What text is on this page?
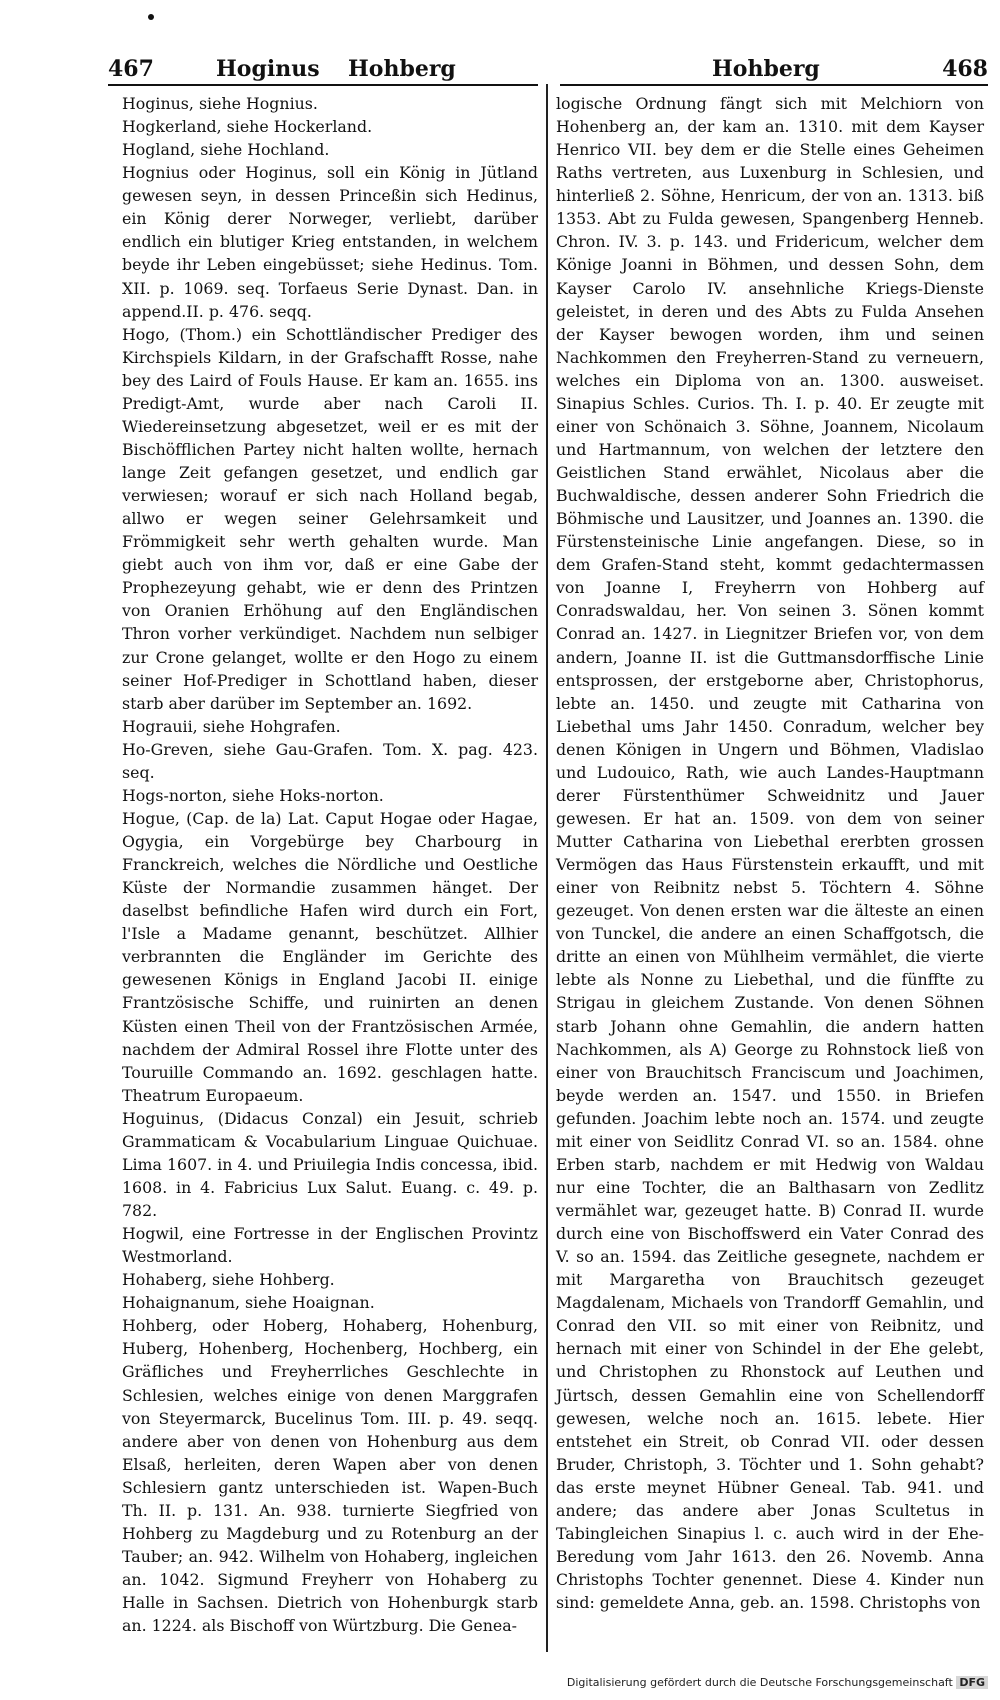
467	Hoginus Hohberg	Hohberg	468

Hoginus, siehe Hognius.

Hogkerland, siehe Hockerland.

Hogland, siehe Hochland.

Hognius oder Hoginus, soll ein König in Jütland gewesen seyn, in dessen Princeßin sich Hedinus, ein König derer Norweger, verliebt, darüber endlich ein blutiger Krieg entstanden, in welchem beyde ihr Leben eingebüsset; siehe Hedinus. Tom. XII. p. 1069. seq. Torfaeus Serie Dynast. Dan. in append.II. p. 476. seqq.

Hogo, (Thom.) ein Schottländischer Prediger des Kirchspiels Kildarn, in der Grafschafft Rosse, nahe bey des Laird of Fouls Hause. Er kam an. 1655. ins Predigt-Amt, wurde aber nach Caroli II. Wiedereinsetzung abgesetzet, weil er es mit der Bischöfflichen Partey nicht halten wollte, hernach lange Zeit gefangen gesetzet, und endlich gar verwiesen; worauf er sich nach Holland begab, allwo er wegen seiner Gelehrsamkeit und Frömmigkeit sehr werth gehalten wurde. Man giebt auch von ihm vor, daß er eine Gabe der Prophezeyung gehabt, wie er denn des Printzen von Oranien Erhöhung auf den Engländischen Thron vorher verkündiget. Nachdem nun selbiger zur Crone gelanget, wollte er den Hogo zu einem seiner Hof-Prediger in Schottland haben, dieser starb aber darüber im September an. 1692.

Hograuii, siehe Hohgrafen.

Ho-Greven, siehe Gau-Grafen. Tom. X. pag. 423. seq.

Hogs-norton, siehe Hoks-norton.

Hogue, (Cap. de la) Lat. Caput Hogae oder Hagae, Ogygia, ein Vorgebürge bey Charbourg in Franckreich, welches die Nördliche und Oestliche Küste der Normandie zusammen hänget. Der daselbst befindliche Hafen wird durch ein Fort, l'Isle a Madame genannt, beschützet. Allhier verbrannten die Engländer im Gerichte des gewesenen Königs in England Jacobi II. einige Frantzösische Schiffe, und ruinirten an denen Küsten einen Theil von der Frantzösischen Armée, nachdem der Admiral Rossel ihre Flotte unter des Touruille Commando an. 1692. geschlagen hatte. Theatrum Europaeum.

Hoguinus, (Didacus Conzal) ein Jesuit, schrieb Grammaticam & Vocabularium Linguae Quichuae. Lima 1607. in 4. und Priuilegia Indis concessa, ibid. 1608. in 4. Fabricius Lux Salut. Euang. c. 49. p. 782.

Hogwil, eine Fortresse in der Englischen Provintz Westmorland.

Hohaberg, siehe Hohberg.

Hohaignanum, siehe Hoaignan.

Hohberg, oder Hoberg, Hohaberg, Hohenburg, Huberg, Hohenberg, Hochenberg, Hochberg, ein Gräfliches und Freyherrliches Geschlechte in Schlesien, welches einige von denen Marggrafen von Steyermarck, Bucelinus Tom. III. p. 49. seqq. andere aber von denen von Hohenburg aus dem Elsaß, herleiten, deren Wapen aber von denen Schlesiern gantz unterschieden ist. Wapen-Buch Th. II. p. 131. An. 938. turnierte Siegfried von Hohberg zu Magdeburg und zu Rotenburg an der Tauber; an. 942. Wilhelm von Hohaberg, ingleichen an. 1042. Sigmund Freyherr von Hohaberg zu Halle in Sachsen. Dietrich von Hohenburgk starb an. 1224. als Bischoff von Würtzburg. Die Genea-

logische Ordnung fängt sich mit Melchiorn von Hohenberg an, der kam an. 1310. mit dem Kayser Henrico VII. bey dem er die Stelle eines Geheimen Raths vertreten, aus Luxenburg in Schlesien, und hinterließ 2. Söhne, Henricum, der von an. 1313. biß 1353. Abt zu Fulda gewesen, Spangenberg Henneb. Chron. IV. 3. p. 143. und Fridericum, welcher dem Könige Joanni in Böhmen, und dessen Sohn, dem Kayser Carolo IV. ansehnliche Kriegs-Dienste geleistet, in deren und des Abts zu Fulda Ansehen der Kayser bewogen worden, ihm und seinen Nachkommen den Freyherren-Stand zu verneuern, welches ein Diploma von an. 1300. ausweiset. Sinapius Schles. Curios. Th. I. p. 40. Er zeugte mit einer von Schönaich 3. Söhne, Joannem, Nicolaum und Hartmannum, von welchen der letztere den Geistlichen Stand erwählet, Nicolaus aber die Buchwaldische, dessen anderer Sohn Friedrich die Böhmische und Lausitzer, und Joannes an. 1390. die Fürstensteinische Linie angefangen. Diese, so in dem Grafen-Stand steht, kommt gedachtermassen von Joanne I, Freyherrn von Hohberg auf Conradswaldau, her. Von seinen 3. Sönen kommt Conrad an. 1427. in Liegnitzer Briefen vor, von dem andern, Joanne II. ist die Guttmansdorffische Linie entsprossen, der erstgeborne aber, Christophorus, lebte an. 1450. und zeugte mit Catharina von Liebethal ums Jahr 1450. Conradum, welcher bey denen Königen in Ungern und Böhmen, Vladislao und Ludouico, Rath, wie auch Landes-Hauptmann derer Fürstenthümer Schweidnitz und Jauer gewesen. Er hat an. 1509. von dem von seiner Mutter Catharina von Liebethal ererbten grossen Vermögen das Haus Fürstenstein erkaufft, und mit einer von Reibnitz nebst 5. Töchtern 4. Söhne gezeuget. Von denen ersten war die älteste an einen von Tunckel, die andere an einen Schaffgotsch, die dritte an einen von Mühlheim vermählet, die vierte lebte als Nonne zu Liebethal, und die fünffte zu Strigau in gleichem Zustande. Von denen Söhnen starb Johann ohne Gemahlin, die andern hatten Nachkommen, als A) George zu Rohnstock ließ von einer von Brauchitsch Franciscum und Joachimen, beyde werden an. 1547. und 1550. in Briefen gefunden. Joachim lebte noch an. 1574. und zeugte mit einer von Seidlitz Conrad VI. so an. 1584. ohne Erben starb, nachdem er mit Hedwig von Waldau nur eine Tochter, die an Balthasarn von Zedlitz vermählet war, gezeuget hatte. B) Conrad II. wurde durch eine von Bischoffswerd ein Vater Conrad des V. so an. 1594. das Zeitliche gesegnete, nachdem er mit Margaretha von Brauchitsch gezeuget Magdalenam, Michaels von Trandorff Gemahlin, und Conrad den VII. so mit einer von Reibnitz, und hernach mit einer von Schindel in der Ehe gelebt, und Christophen zu Rhonstock auf Leuthen und Jürtsch, dessen Gemahlin eine von Schellendorff gewesen, welche noch an. 1615. lebete. Hier entstehet ein Streit, ob Conrad VII. oder dessen Bruder, Christoph, 3. Töchter und 1. Sohn gehabt? das erste meynet Hübner Geneal. Tab. 941. und andere; das andere aber Jonas Scultetus in Tabingleichen Sinapius l. c. auch wird in der Ehe-Beredung vom Jahr 1613. den 26. Novemb. Anna Christophs Tochter genennet. Diese 4. Kinder nun sind: gemeldete Anna, geb. an. 1598. Christophs von

Digitalisierung gefördert durch die Deutsche Forschungsgemeinschaft DFG
